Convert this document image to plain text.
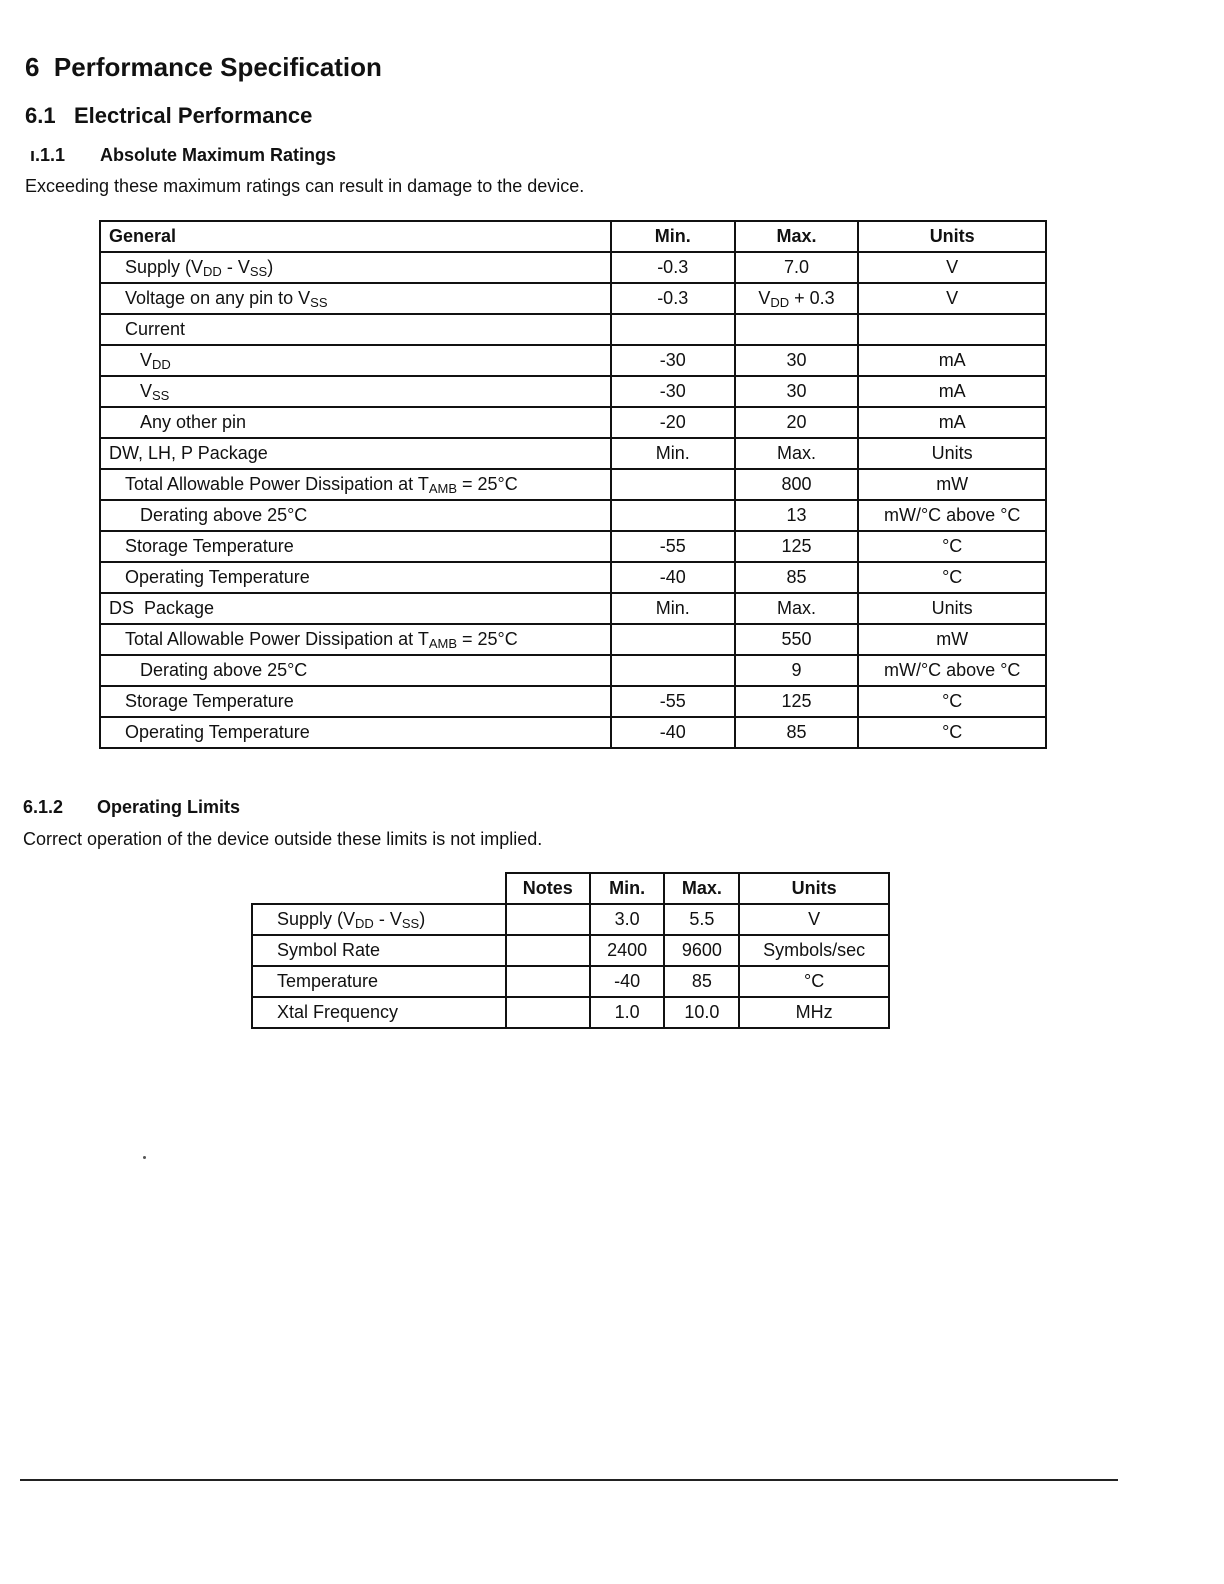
6 Performance Specification
6.1 Electrical Performance
ı.1.1 Absolute Maximum Ratings

Exceeding these maximum ratings can result in damage to the device.

General	Min.	Max.	Units
Supply $(V_{DD} - V_{SS})$	-0.3	7.0	V
Voltage on any pin to $V_{SS}$	-0.3	$V_{DD} + 0.3$	V
Current			
$V_{DD}$	-30	30	mA
$V_{SS}$	-30	30	mA
Any other pin	-20	20	mA
DW, LH, P Package	Min.	Max.	Units
Total Allowable Power Dissipation at $T_{AMB} = 25^\circ C$		800	mW
Derating above 25°C		13	mW/°C above °C
Storage Temperature	-55	125	°C
Operating Temperature	-40	85	°C
DS  Package	Min.	Max.	Units
Total Allowable Power Dissipation at $T_{AMB} = 25^\circ C$		550	mW
Derating above 25°C		9	mW/°C above °C
Storage Temperature	-55	125	°C
Operating Temperature	-40	85	°C
6.1.2 Operating Limits

Correct operation of the device outside these limits is not implied.

	Notes	Min.	Max.	Units
Supply $(V_{DD} - V_{SS})$		3.0	5.5	V
Symbol Rate		2400	9600	Symbols/sec
Temperature		-40	85	°C
Xtal Frequency		1.0	10.0	MHz
